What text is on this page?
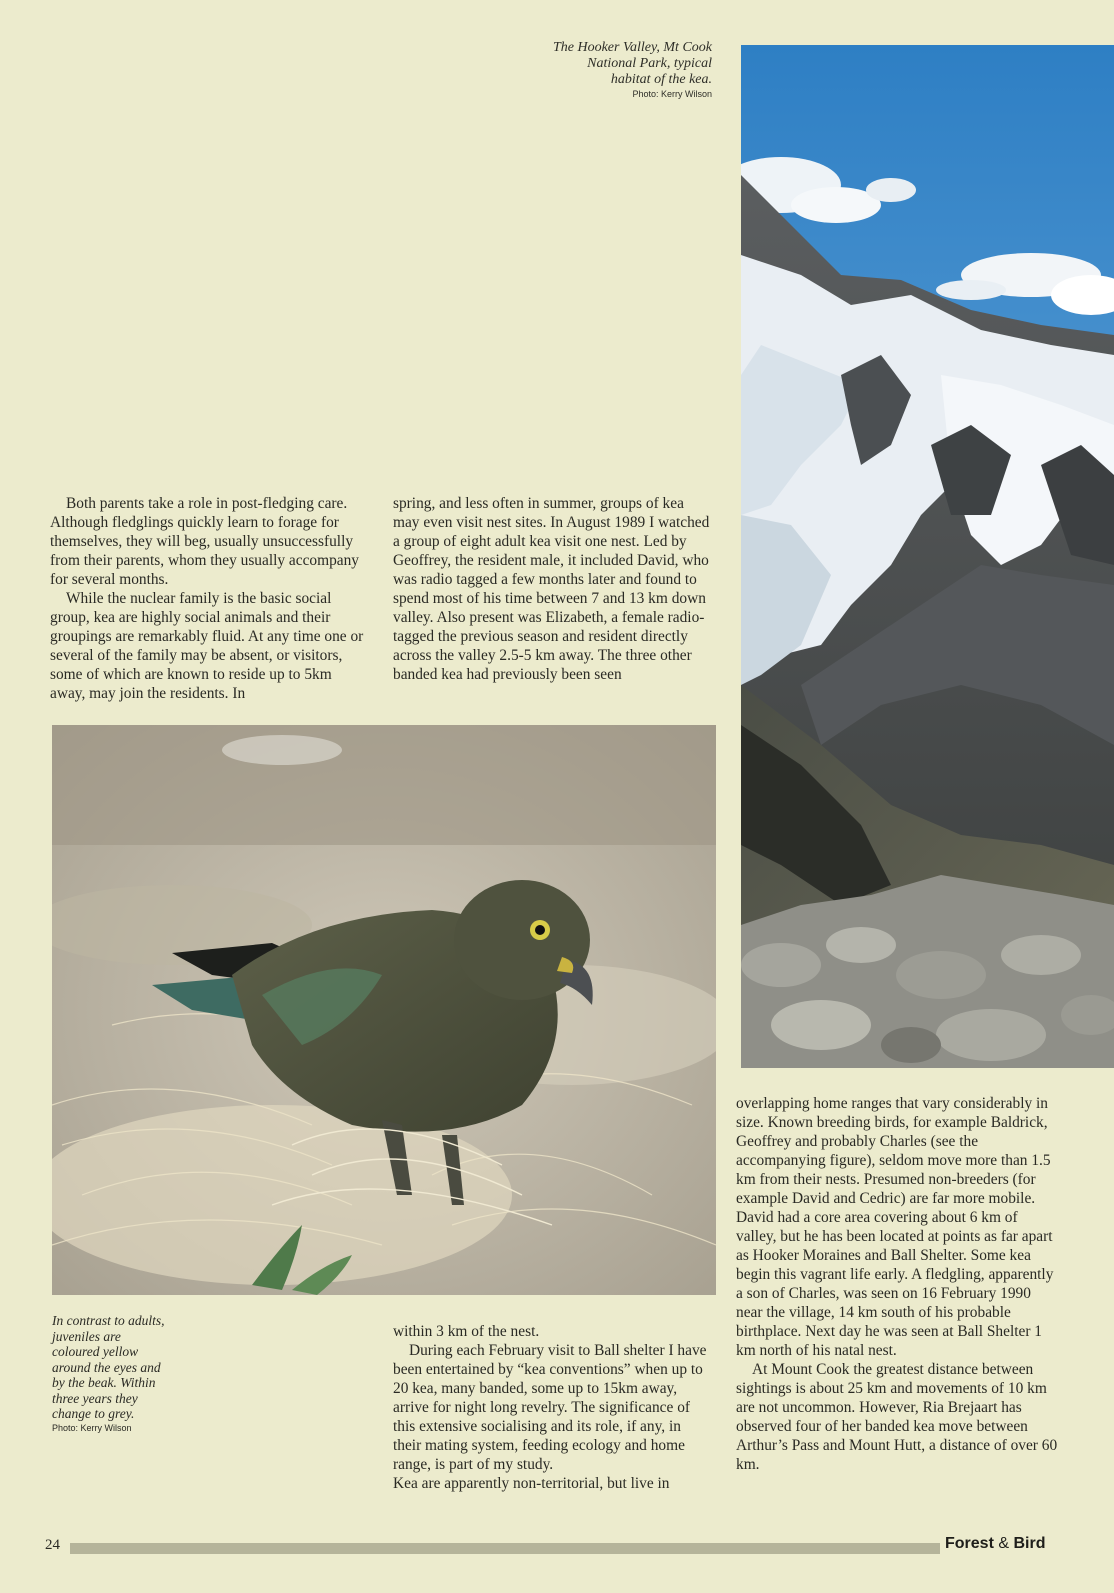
The Hooker Valley, Mt Cook
National Park, typical
habitat of the kea.
Photo: Kerry Wilson

Both parents take a role in post-fledging care. Although fledglings quickly learn to forage for themselves, they will beg, usually unsuccessfully from their parents, whom they usually accompany for several months.

While the nuclear family is the basic social group, kea are highly social animals and their groupings are remarkably fluid. At any time one or several of the family may be absent, or visitors, some of which are known to reside up to 5km away, may join the residents. In

spring, and less often in summer, groups of kea may even visit nest sites. In August 1989 I watched a group of eight adult kea visit one nest. Led by Geoffrey, the resident male, it included David, who was radio tagged a few months later and found to spend most of his time between 7 and 13 km down valley. Also present was Elizabeth, a female radio-tagged the previous season and resident directly across the valley 2.5-5 km away. The three other banded kea had previously been seen

In contrast to adults,
juveniles are
coloured yellow
around the eyes and
by the beak. Within
three years they
change to grey.
Photo: Kerry Wilson

within 3 km of the nest.

During each February visit to Ball shelter I have been entertained by “kea conventions” when up to 20 kea, many banded, some up to 15km away, arrive for night long revelry. The significance of this extensive socialising and its role, if any, in their mating system, feeding ecology and home range, is part of my study.

Kea are apparently non-territorial, but live in

overlapping home ranges that vary considerably in size. Known breeding birds, for example Baldrick, Geoffrey and probably Charles (see the accompanying figure), seldom move more than 1.5 km from their nests. Presumed non-breeders (for example David and Cedric) are far more mobile. David had a core area covering about 6 km of valley, but he has been located at points as far apart as Hooker Moraines and Ball Shelter. Some kea begin this vagrant life early. A fledgling, apparently a son of Charles, was seen on 16 February 1990 near the village, 14 km south of his probable birthplace. Next day he was seen at Ball Shelter 1 km north of his natal nest.

At Mount Cook the greatest distance between sightings is about 25 km and movements of 10 km are not uncommon. However, Ria Brejaart has observed four of her banded kea move between Arthur’s Pass and Mount Hutt, a distance of over 60 km.

24	Forest & Bird
